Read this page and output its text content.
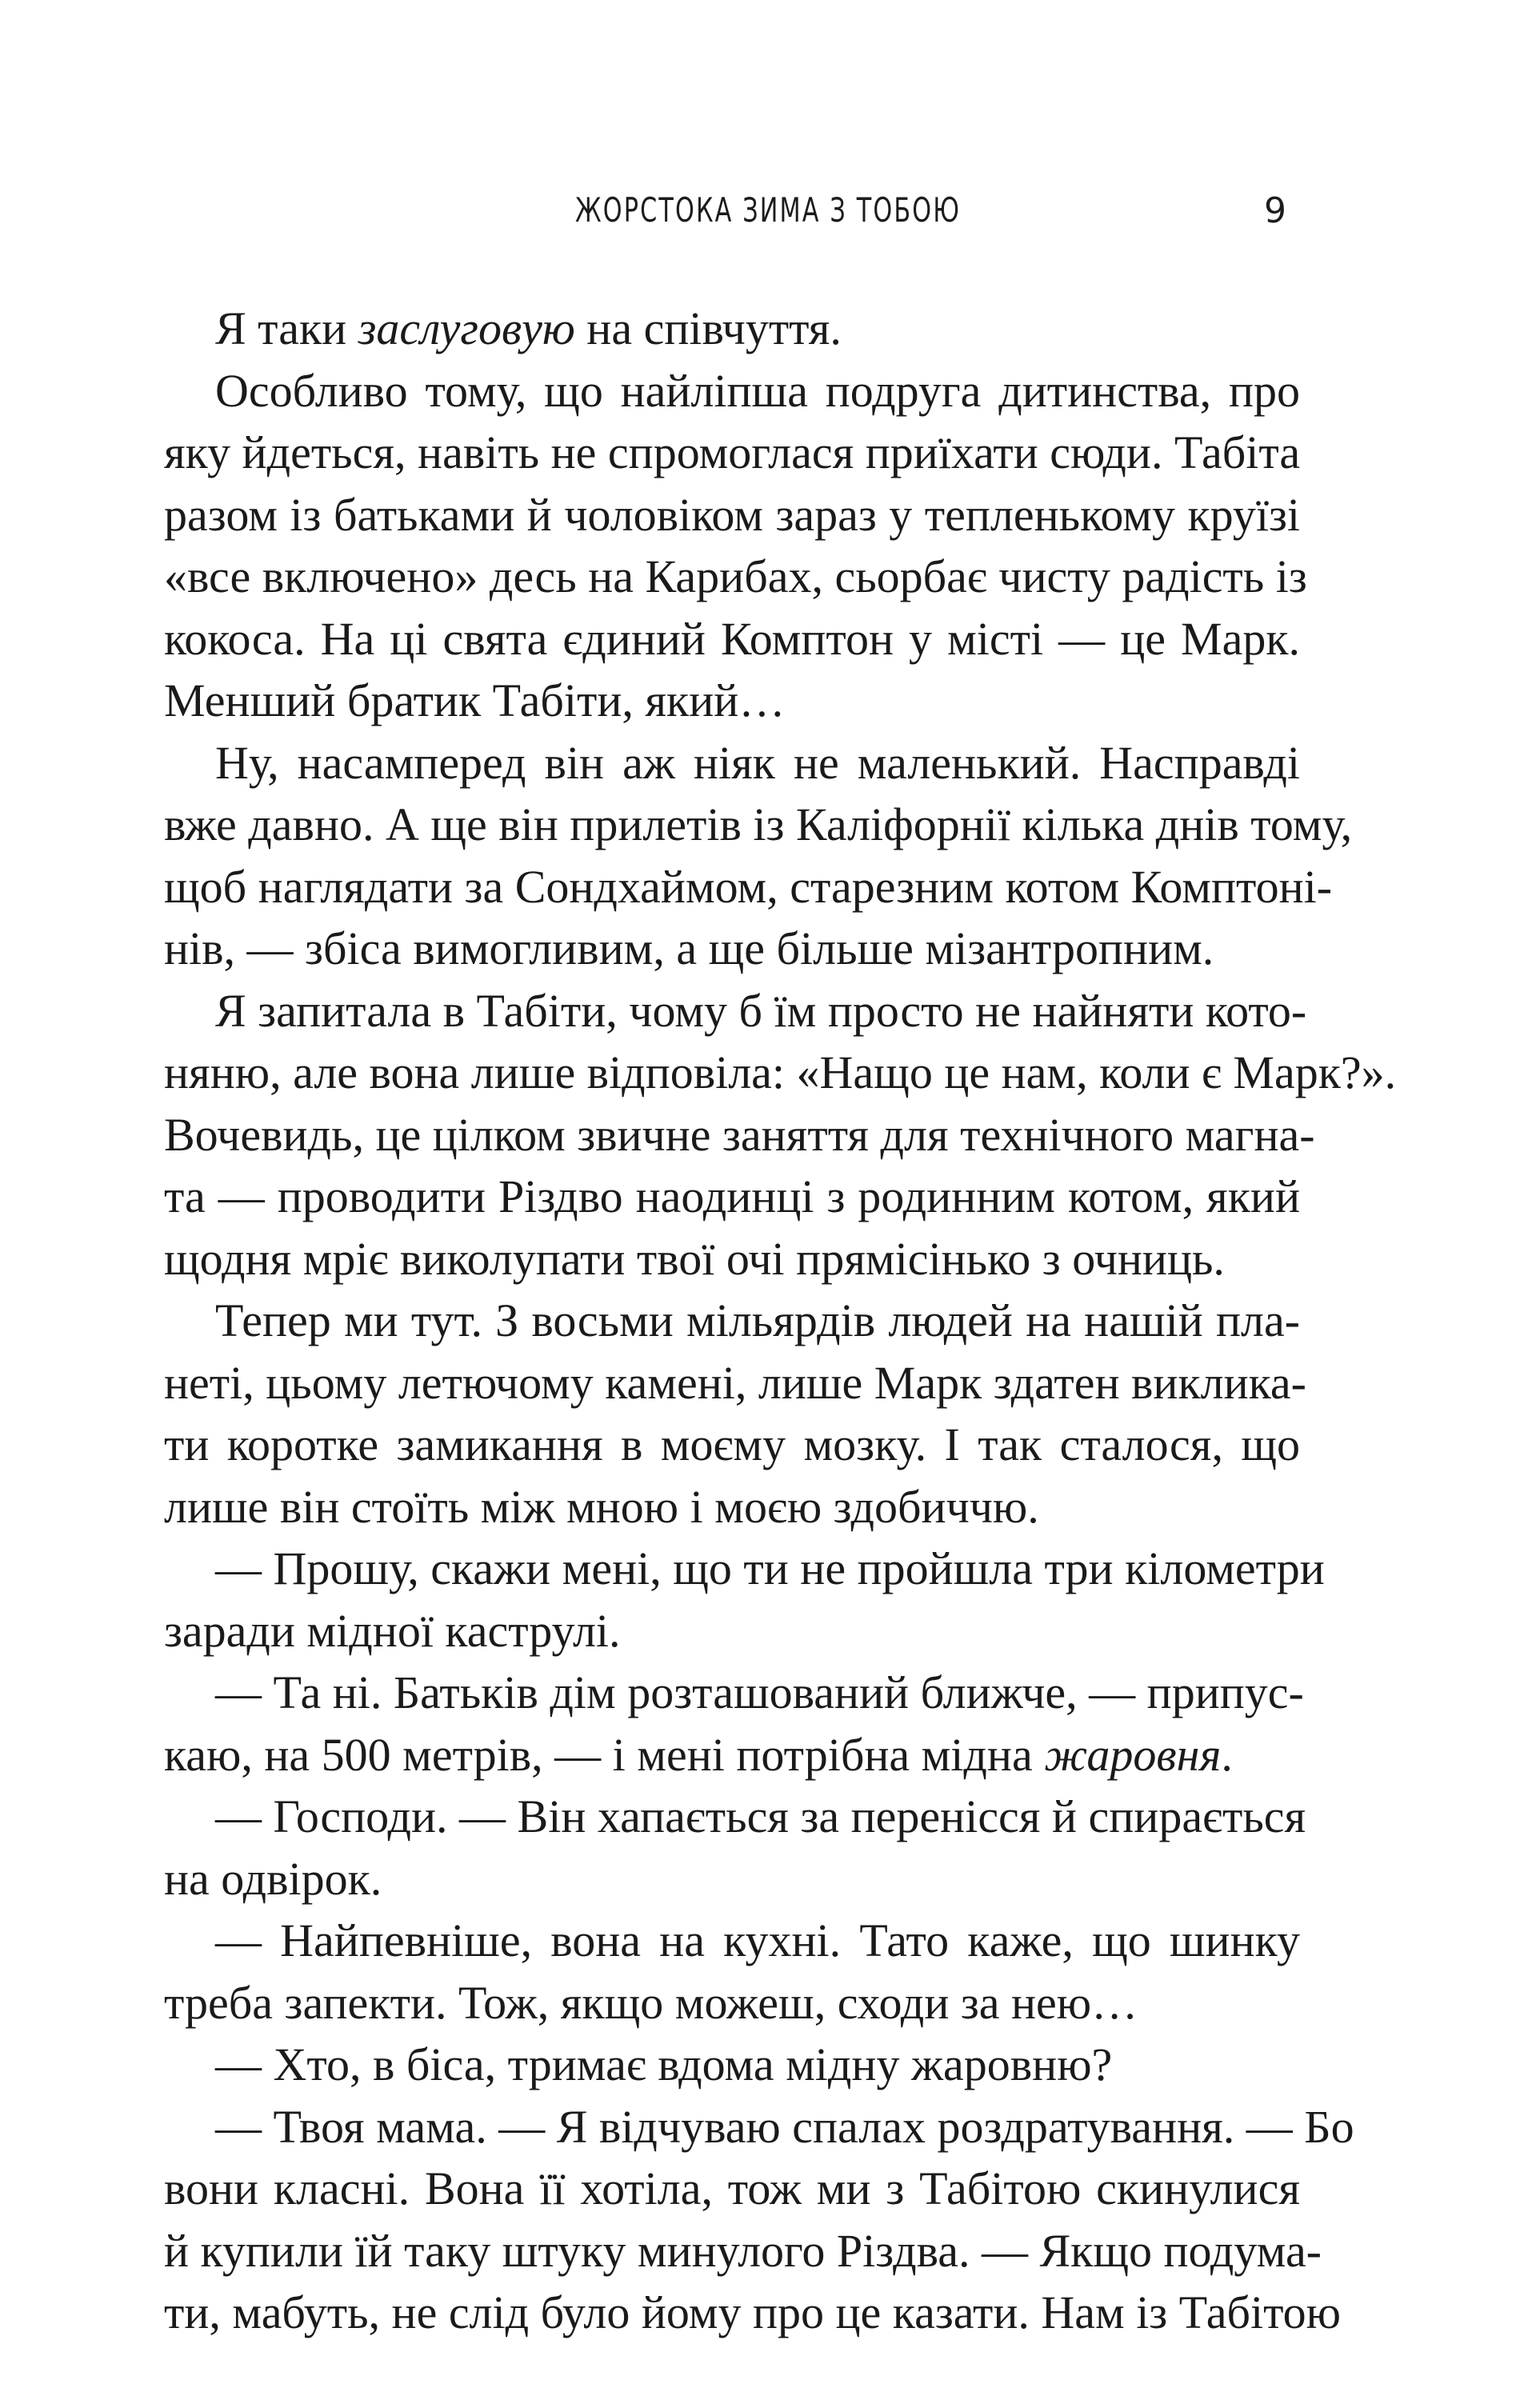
ЖОРСТОКА ЗИМА З ТОБОЮ	9

Я таки заслуговую на співчуття.

Особливо тому, що найліпша подруга дитинства, про

яку йдеться, навіть не спромоглася приїхати сюди. Табіта

разом із батьками й чоловіком зараз у тепленькому круїзі

«все включено» десь на Карибах, сьорбає чисту радість із

кокоса. На ці свята єдиний Комптон у місті — це Марк.

Менший братик Табіти, який…

Ну, насамперед він аж ніяк не маленький. Насправді

вже давно. А ще він прилетів із Каліфорнії кілька днів тому,

щоб наглядати за Сондхаймом, старезним котом Комптоні-

нів, — збіса вимогливим, а ще більше мізантропним.

Я запитала в Табіти, чому б їм просто не найняти кото-

няню, але вона лише відповіла: «Нащо це нам, коли є Марк?».

Вочевидь, це цілком звичне заняття для технічного магна-

та — проводити Різдво наодинці з родинним котом, який

щодня мріє виколупати твої очі прямісінько з очниць.

Тепер ми тут. З восьми мільярдів людей на нашій пла-

неті, цьому летючому камені, лише Марк здатен виклика-

ти коротке замикання в моєму мозку. І так сталося, що

лише він стоїть між мною і моєю здобиччю.

— Прошу, скажи мені, що ти не пройшла три кілометри

заради мідної каструлі.

— Та ні. Батьків дім розташований ближче, — припус-

каю, на 500 метрів, — і мені потрібна мідна жаровня.

— Господи. — Він хапається за перенісся й спирається

на одвірок.

— Найпевніше, вона на кухні. Тато каже, що шинку

треба запекти. Тож, якщо можеш, сходи за нею…

— Хто, в біса, тримає вдома мідну жаровню?

— Твоя мама. — Я відчуваю спалах роздратування. — Бо

вони класні. Вона її хотіла, тож ми з Табітою скинулися

й купили їй таку штуку минулого Різдва. — Якщо подума-

ти, мабуть, не слід було йому про це казати. Нам із Табітою
